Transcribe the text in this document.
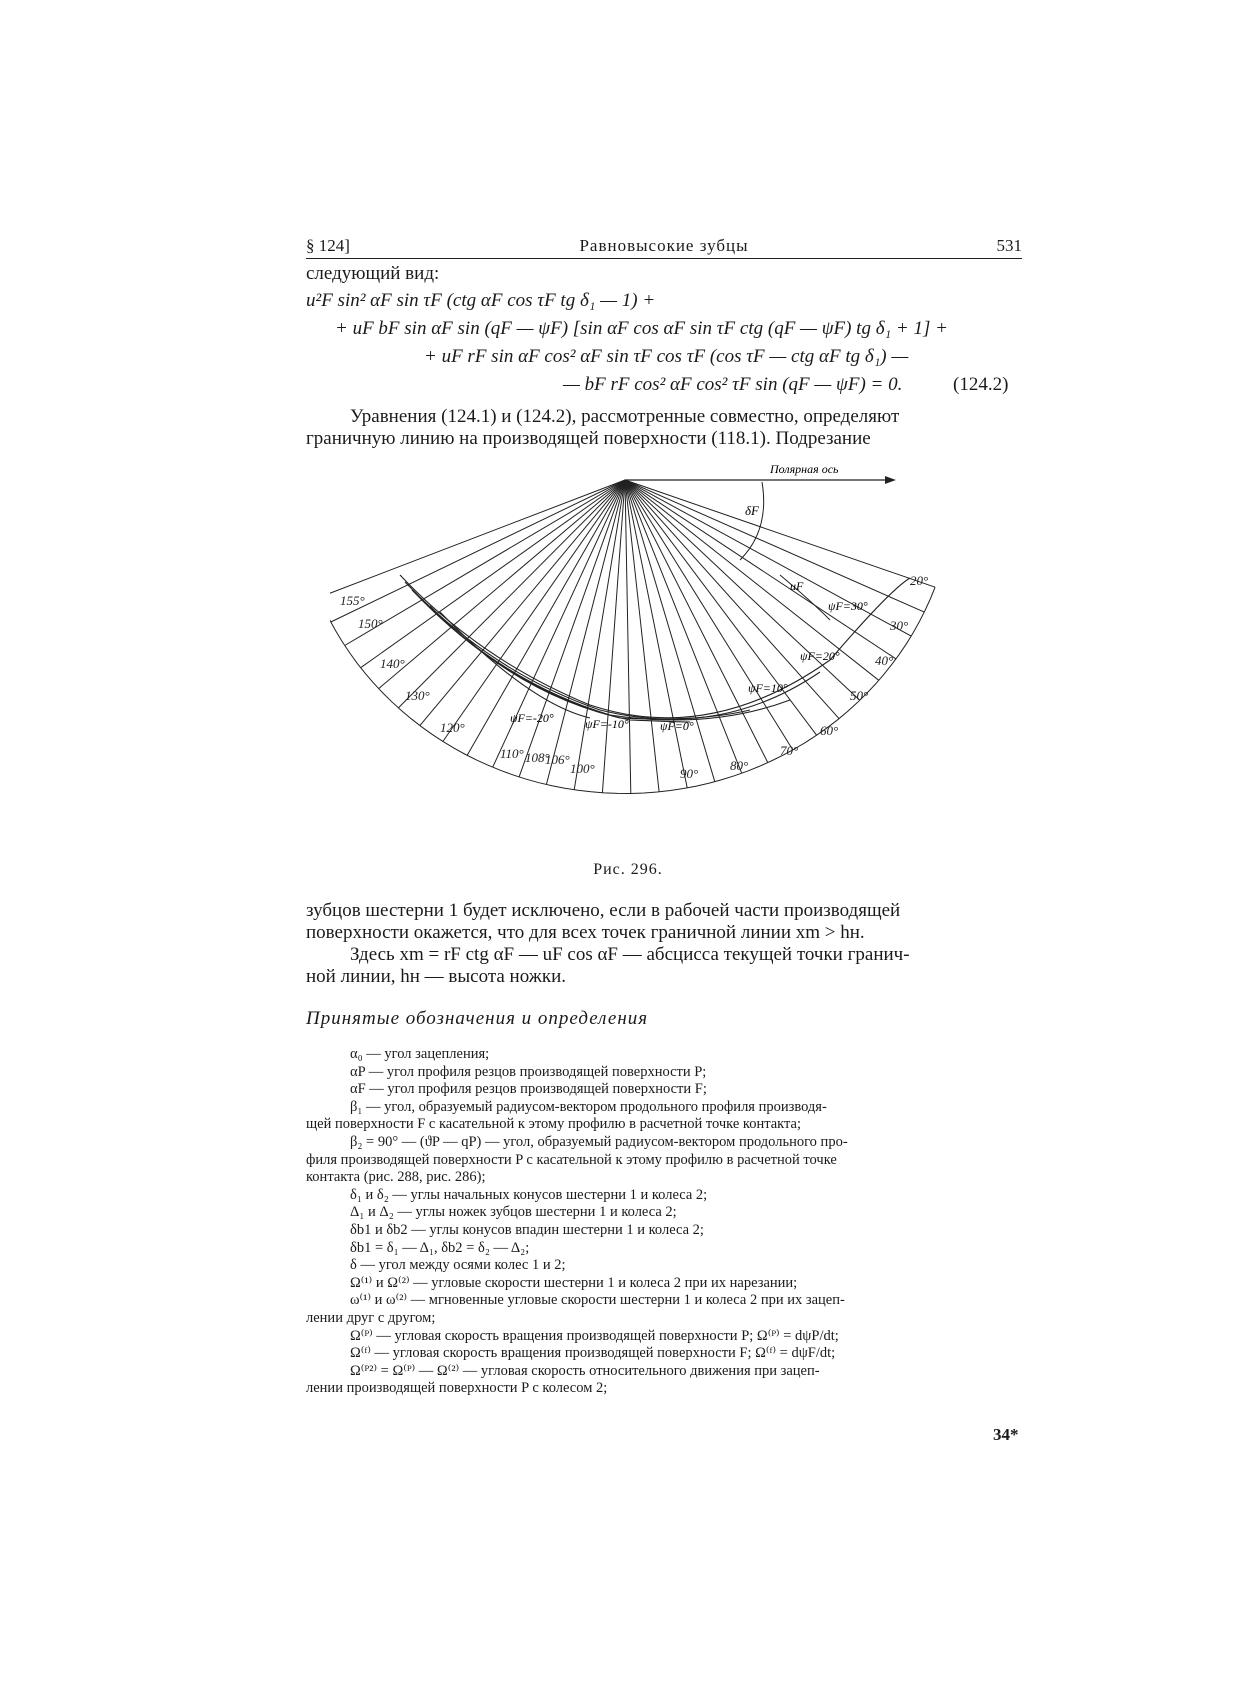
§ 124]	Равновысокие зубцы	531
следующий вид:
u²F sin² αF sin τF (ctg αF cos τF tg δ₁ — 1) +
+ uF bF sin αF sin (qF — ψF) [sin αF cos αF sin τF ctg (qF — ψF) tg δ₁ + 1] +
+ uF rF sin αF cos² αF sin τF cos τF (cos τF — ctg αF tg δ₁) —
— bF rF cos² αF cos² τF sin (qF — ψF) = 0.	(124.2)
Уравнения (124.1) и (124.2), рассмотренные совместно, определяют
граничную линию на производящей поверхности (118.1). Подрезание
Полярная ось
δF
uF	20°
30°
40°
50°
60°
70°
80°
90°
155°
150°
140°
130°
120°
110° 108°
106°
100°
ψF=30°
ψF=20°
ψF=10°
ψF=0°
ψF=-10°
ψF=-20°
Рис. 296.
зубцов шестерни 1 будет исключено, если в рабочей части производящей
поверхности окажется, что для всех точек граничной линии xm > hн.
Здесь xm = rF ctg αF — uF cos αF — абсцисса текущей точки гранич-
ной линии, hн — высота ножки.
Принятые обозначения и определения
α₀ — угол зацепления;
αP — угол профиля резцов производящей поверхности P;
αF — угол профиля резцов производящей поверхности F;
β₁ — угол, образуемый радиусом-вектором продольного профиля производя-
щей поверхности F с касательной к этому профилю в расчетной точке контакта;
β₂ = 90° — (ϑP — qP) — угол, образуемый радиусом-вектором продольного про-
филя производящей поверхности P с касательной к этому профилю в расчетной точке
контакта (рис. 288, рис. 286);
δ₁ и δ₂ — углы начальных конусов шестерни 1 и колеса 2;
Δ₁ и Δ₂ — углы ножек зубцов шестерни 1 и колеса 2;
δb1 и δb2 — углы конусов впадин шестерни 1 и колеса 2;
δb1 = δ₁ — Δ₁, δb2 = δ₂ — Δ₂;
δ — угол между осями колес 1 и 2;
Ω⁽¹⁾ и Ω⁽²⁾ — угловые скорости шестерни 1 и колеса 2 при их нарезании;
ω⁽¹⁾ и ω⁽²⁾ — мгновенные угловые скорости шестерни 1 и колеса 2 при их зацеп-
лении друг с другом;
Ω⁽ᴾ⁾ — угловая скорость вращения производящей поверхности P; Ω⁽ᴾ⁾ = dψP/dt;
Ω⁽ᶠ⁾ — угловая скорость вращения производящей поверхности F; Ω⁽ᶠ⁾ = dψF/dt;
Ω⁽ᴾ²⁾ = Ω⁽ᴾ⁾ — Ω⁽²⁾ — угловая скорость относительного движения при зацеп-
лении производящей поверхности P с колесом 2;
34*
